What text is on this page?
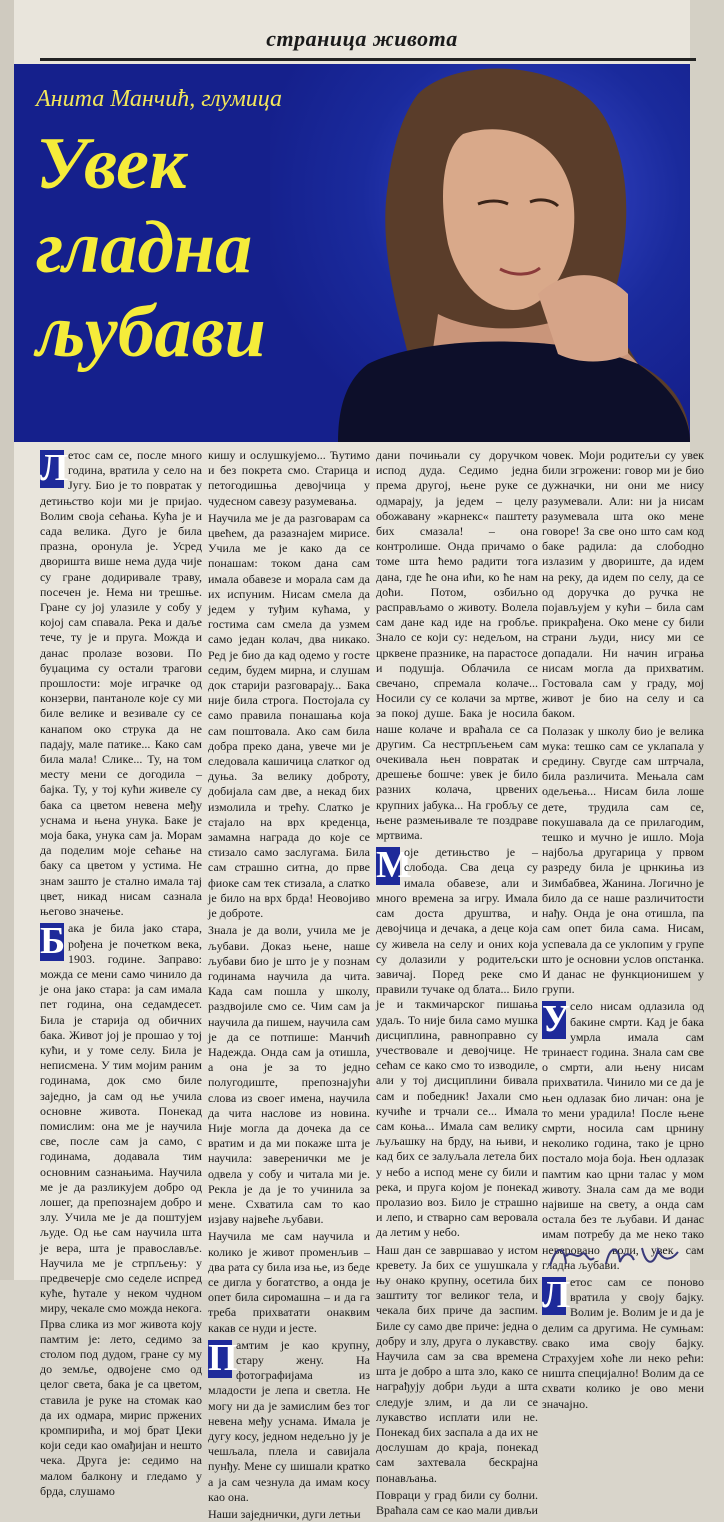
страница живота
Анита Манчић, глумица
Увек
гладна
љубави

Л етос сам се, после много година, вратила у село на Југу. Био је то повратак у детињство који ми је пријао. Волим своја сећања. Кућа је и сада велика. Дуго је била празна, оронула је. Усред дворишта више нема дуда чије су гране додиривале траву, посечен је. Нема ни трешње. Гране су јој улазиле у собу у којој сам спавала. Река и даље тече, ту је и пруга. Можда и данас пролазе возови. По буџацима су остали трагови прошлости: моје играчке од конзерви, пантаноле које су ми биле велике и везивале су се канапом око струка да не падају, мале патике... Како сам била мала! Слике... Ту, на том месту мени се догодила – бајка. Ту, у тој кући живеле су бака са цветом невена међу уснама и њена унука. Баке је моја бака, унука сам ја. Морам да поделим моје сећање на баку са цветом у устима. Не знам зашто је стално имала тај цвет, никад нисам сазнала његово значење.

Б ака је била јако стара, рођена је почетком века, 1903. године. Заправо: можда се мени само чинило да је она јако стара: ја сам имала пет година, она седамдесет. Била је старија од обичних бака. Живот јој је прошао у тој кући, и у томе селу. Била је неписмена. У тим мојим раним годинама, док смо биле заједно, ја сам од ње учила основне живота. Понекад помислим: она ме је научила све, после сам ја само, с годинама, додавала тим основним сазнањима. Научила ме је да разликујем добро од лошег, да препознајем добро и злу. Учила ме је да поштујем људе. Од ње сам научила шта је вера, шта је православље. Научила ме је стрпљењу: у предвечерје смо седеле испред куће, ћутале у неком чудном миру, чекале смо можда некога. Прва слика из мог живота коју памтим је: лето, седимо за столом под дудом, гране су му до земље, одвојене смо од целог света, бака је са цветом, ставила је руке на стомак као да их одмара, мирис пржених кромпирића, и мој брат Џеки који седи као омађијан и нешто чека. Друга је: седимо на малом балкону и гледамо у брда, слушамо

кишу и ослушкујемо... Ћутимо и без покрета смо. Старица и петогодишња девојчица у чудесном савезу разумевања.

Научила ме је да разговарам са цвећем, да разазнајем мирисе. Учила ме је како да се понашам: током дана сам имала обавезе и морала сам да их испуним. Нисам смела да једем у туђим кућама, у гостима сам смела да узмем само један колач, два никако. Ред је био да кад одемо у госте седим, будем мирна, и слушам док старији разговарају... Бака није била строга. Постојала су само правила понашања која сам поштовала. Ако сам била добра преко дана, увече ми је следовала кашичица слатког од дуња. За велику доброту, добијала сам две, а некад бих измолила и трећу. Слатко је стајало на врх креденца, замамна награда до које се стизало само заслугама. Била сам страшно ситна, до прве фиоке сам тек стизала, а слатко је било на врх брда! Неовојиво је доброте.

Знала је да воли, учила ме је љубави. Доказ њене, наше љубави био је што је у познам годинама научила да чита. Када сам пошла у школу, раздвојиле смо се. Чим сам ја научила да пишем, научила сам је да се потпише: Манчић Надежда. Онда сам ја отишла, а она је за то једно полугодиште, препознајући слова из своег имена, научила да чита наслове из новина. Није могла да дочека да се вратим и да ми покаже шта је научила: заверенички ме је одвела у собу и читала ми је. Рекла је да је то учинила за мене. Схватила сам то као изјаву највеће љубави.

Научила ме сам научила и колико је живот променљив – два рата су била иза ње, из беде се дигла у богатство, а онда је опет била сиромашна – и да га треба прихватати онаквим какав се нуди и јесте.

П
амтим је као крупну, стару жену. На фотографијама из младости је лепа и светла. Не могу ни да је замислим без тог невена међу уснама. Имала је дугу косу, једном недељно ју је чешљала, плела и савијала пунђу. Мене су шишали кратко а ја сам чезнула да имам косу као она.

Наши заједнички, дуги летњи

дани почињали су доручком испод дуда. Седимо једна према другој, њене руке се одмарају, ја једем – целу обожавану »карнекс« паштету бих смазала! – она контролише. Онда причамо о томе шта ћемо радити тога дана, где ће она ићи, ко ће нам доћи. Потом, озбиљно расправљамо о животу. Волела сам дане кад иде на гробље. Знало се који су: недељом, на црквене празнике, на парастосе и подушја. Облачила се свечано, спремала колаче... Носили су се колачи за мртве, за покој душе. Бака је носила наше колаче и враћала се са другим. Са нестрпљењем сам очекивала њен повратак и дрешење бошче: увек је било разних колача, црвених крупних јабука... На гробљу се њене размењивале те поздраве мртвима.

М
оје детињство је – слобода. Сва деца су имала обавезе, али и много времена за игру. Имала сам доста друштва, и девојчица и дечака, а деце која су живела на селу и оних која су долазили у родитељски завичај. Поред реке смо правили тучаке од блата... Било је и такмичарског пишања удаљ. То није била само мушка дисциплина, равноправно су учествовале и девојчице. Не сећам се како смо то изводиле, али у тој дисциплини бивала сам и победник! Јахали смо кучиће и трчали се... Имала сам коња... Имала сам велику љуљашку на брду, на њиви, и кад бих се залуљала летела бих у небо а испод мене су били и река, и пруга којом је понекад пролазио воз. Било је страшно и лепо, и стварно сам веровала да летим у небо.

Наш дан се завршавао у истом кревету. Ја бих се ушушкала у њу онако крупну, осетила бих заштиту тог великог тела, и чекала бих приче да заспим. Биле су само две приче: једна о добру и злу, друга о лукавству. Научила сам за сва времена шта је добро а шта зло, како се награђују добри људи а шта следује злим, и да ли се лукавство исплати или не. Понекад бих заспала а да их не дослушам до краја, понекад сам захтевала бескрајна понављања.

Повраци у град били су болни. Враћала сам се као мали дивљи

човек. Моји родитељи су увек били згрожени: говор ми је био дужначки, ни они ме нису разумевали. Али: ни ја нисам разумевала шта око мене говоре! За све оно што сам код баке радила: да слободно излазим у двориште, да идем на реку, да идем по селу, да се од доручка до ручка не појављујем у кући – била сам прикрађена. Око мене су били страни људи, нису ми се допадали. Ни начин играња нисам могла да прихватим. Гостовала сам у граду, мој живот је био на селу и са баком.

Полазак у школу био је велика мука: тешко сам се уклапала у средину. Свугде сам штрчала, била различита. Мењала сам одељења... Нисам била лоше дете, трудила сам се, покушавала да се прилагодим, тешко и мучно је ишло. Моја најбоља другарица у првом разреду била је црнкиња из Зимбабвеа, Жанина. Логично је било да се наше различитости нађу. Онда је она отишла, па сам опет била сама. Нисам, успевала да се уклопим у групе што је основни услов опстанка. И данас не функционишем у групи.

У село нисам одлазила од бакине смрти. Кад је бака умрла имала сам тринаест година. Знала сам све о смрти, али њену нисам прихватила. Чинило ми се да је њен одлазак био личан: она је то мени урадила! После њене смрти, носила сам црнину неколико година, тако је црно постало моја боја. Њен одлазак памтим као црни талас у мом животу. Знала сам да ме води највише на свету, а онда сам остала без те љубави. И данас имам потребу да ме неко тако неверовано воли, увек сам гладна љубави.

Л етос сам се поново вратила у своју бајку. Волим је. Волим је и да је делим са другима. Не сумњам: свако има своју бајку. Страхујем хоће ли неко рећи: ништа специјално! Волим да се схвати колико је ово мени значајно.
